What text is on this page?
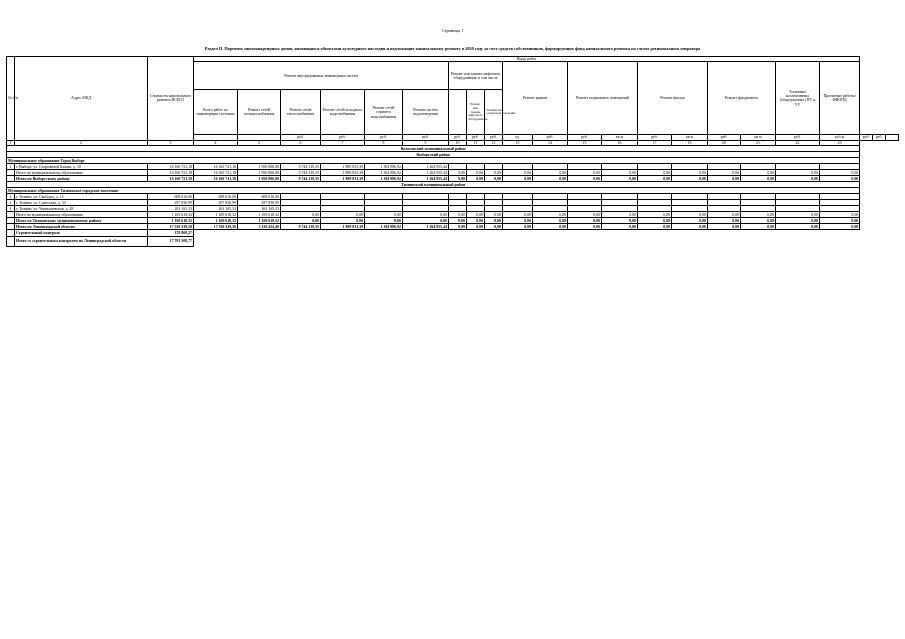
Страница 1
Раздел II. Перечень многоквартирных домов, являющихся объектами культурного наследия и подлежащих капитальному ремонту в 2020 году за счет средств собственников, формирующих фонд капитального ремонта на счетах регионального оператора
№ п/п	Адрес МКД	Стоимость капитального ремонта ВСЕГО	Виды работ																					
			Ремонт внутридомовых инженерных систем						Ремонт или замена лифтового оборудования, в том числе			Ремонт крыши		Ремонт подвальных помещений		Ремонт фасада		Ремонт фундамента		Установка коллективных (общедомовых) ПУ и УУ	Проектные работы/ФИОПД			
			Всего работ по инженерным системам	Ремонт сетей электроснабжения	Ремонт сетей теплоснабжения	Ремонт сетей холодного водоснабжения	Ремонт сетей горячего водоснабжения	Ремонт систем водоотведения		Ремонт или замена лифтового оборудования	Техническое освидетельствование													
					руб.	руб.	руб.	руб.	руб.	руб.	руб.	ед.	руб.	руб.	кв.м	руб.	кв.м	руб.	кв.м	руб.	куб.м	руб.	руб.	
1	2	3	4	5	6	7	8	9	10	11	12	13	14	15	16	17	18	20	21	22	23			
Волосовский муниципальный район																								
Выборгский район																								
Муниципальное образование Город Выборг																								
1	г. Выборг, ул. Сторожевой Башни, д. 10	16 160 721,18	16 160 721,18	1 956 806,08	9 744 139,35	1 889 833,39	1 304 986,92	1 264 955,44																
	Итого по муниципальному образованию	16 160 721,18	16 160 721,18	1 956 806,08	9 744 139,35	1 889 833,39	1 304 986,92	1 264 955,44	0,00	0,00	0,00	0,00	0,00	0,00	0,00	0,00	0,00	0,00	0,00	0,00	0,00			
	Итого по Выборгскому району	16 160 721,18	16 160 721,18	1 956 806,08	9 744 139,35	1 889 833,39	1 304 986,92	1 264 955,44	0,00	0,00	0,00	0,00	0,00	0,00	0,00	0,00	0,00	0,00	0,00	0,00	0,00			
Тихвинский муниципальный район																								
Муниципальное образование Тихвинское городское поселение																								
2	г. Тихвин, ул. Свободы, д. 12	608 616,00	608 616,00	608 616,00																				
3	г. Тихвин, ул. Советская, д. 33	297 836,99	297 836,99	297 836,99																				
4	г. Тихвин, ул. Чернышевская, д. 48	263 165,33	263 165,33	263 165,33																				
	Итого по муниципальному образованию	1 169 618,32	1 169 618,32	1 169 618,32	0,00	0,00	0,00	0,00	0,00	0,00	0,00	0,00	0,00	0,00	0,00	0,00	0,00	0,00	0,00	0,00	0,00			
	Итого по Тихвинскому муниципальному району	1 169 618,32	1 169 618,32	1 169 618,32	0,00	0,00	0,00	0,00	0,00	0,00	0,00	0,00	0,00	0,00	0,00	0,00	0,00	0,00	0,00	0,00	0,00			
	Итого по Ленинградской области	17 330 339,50	17 330 339,50	3 126 424,40	9 744 139,35	1 889 833,39	1 304 986,92	1 264 955,44	0,00	0,00	0,00	0,00	0,00	0,00	0,00	0,00	0,00	0,00	0,00	0,00	0,00			
	Строительный контроль	370 869,27																						
	Итого со строительным контролем по Ленинградской области	17 701 208,77																						
